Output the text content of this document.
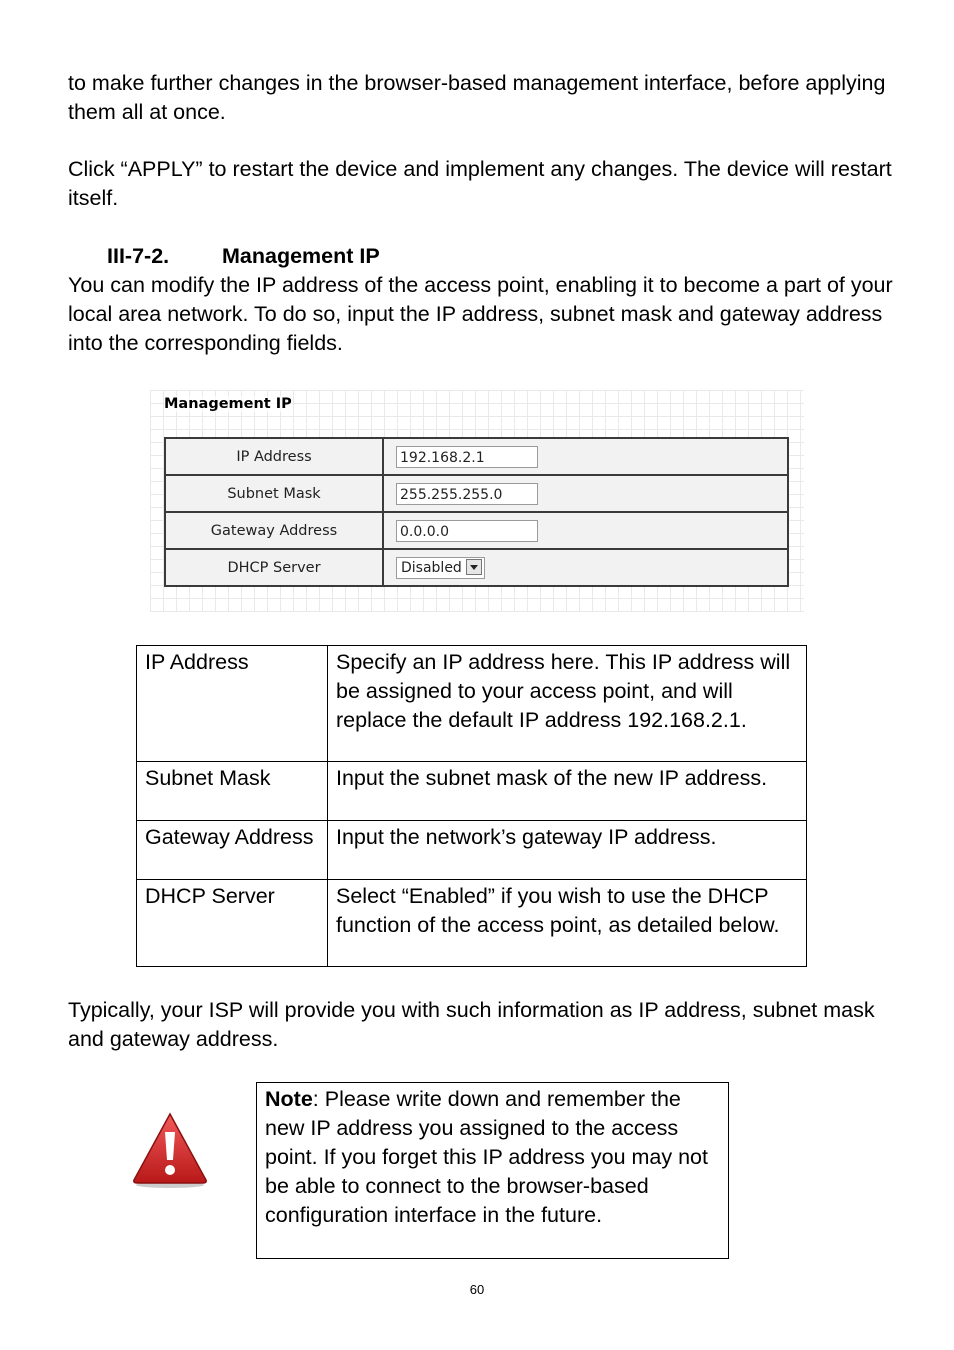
to make further changes in the browser-based management interface, before applying them all at once.

Click “APPLY” to restart the device and implement any changes. The device will restart itself.

III-7-2. Management IP

You can modify the IP address of the access point, enabling it to become a part of your local area network. To do so, input the IP address, subnet mask and gateway address into the corresponding fields.

Management IP
IP Address	192.168.2.1
Subnet Mask	255.255.255.0
Gateway Address	0.0.0.0
DHCP Server	Disabled
IP Address	Specify an IP address here. This IP address will be assigned to your access point, and will replace the default IP address 192.168.2.1.
Subnet Mask	Input the subnet mask of the new IP address.
Gateway Address	Input the network’s gateway IP address.
DHCP Server	Select “Enabled” if you wish to use the DHCP function of the access point, as detailed below.

Typically, your ISP will provide you with such information as IP address, subnet mask and gateway address.

Note: Please write down and remember the new IP address you assigned to the access point. If you forget this IP address you may not be able to connect to the browser-based configuration interface in the future.
60
